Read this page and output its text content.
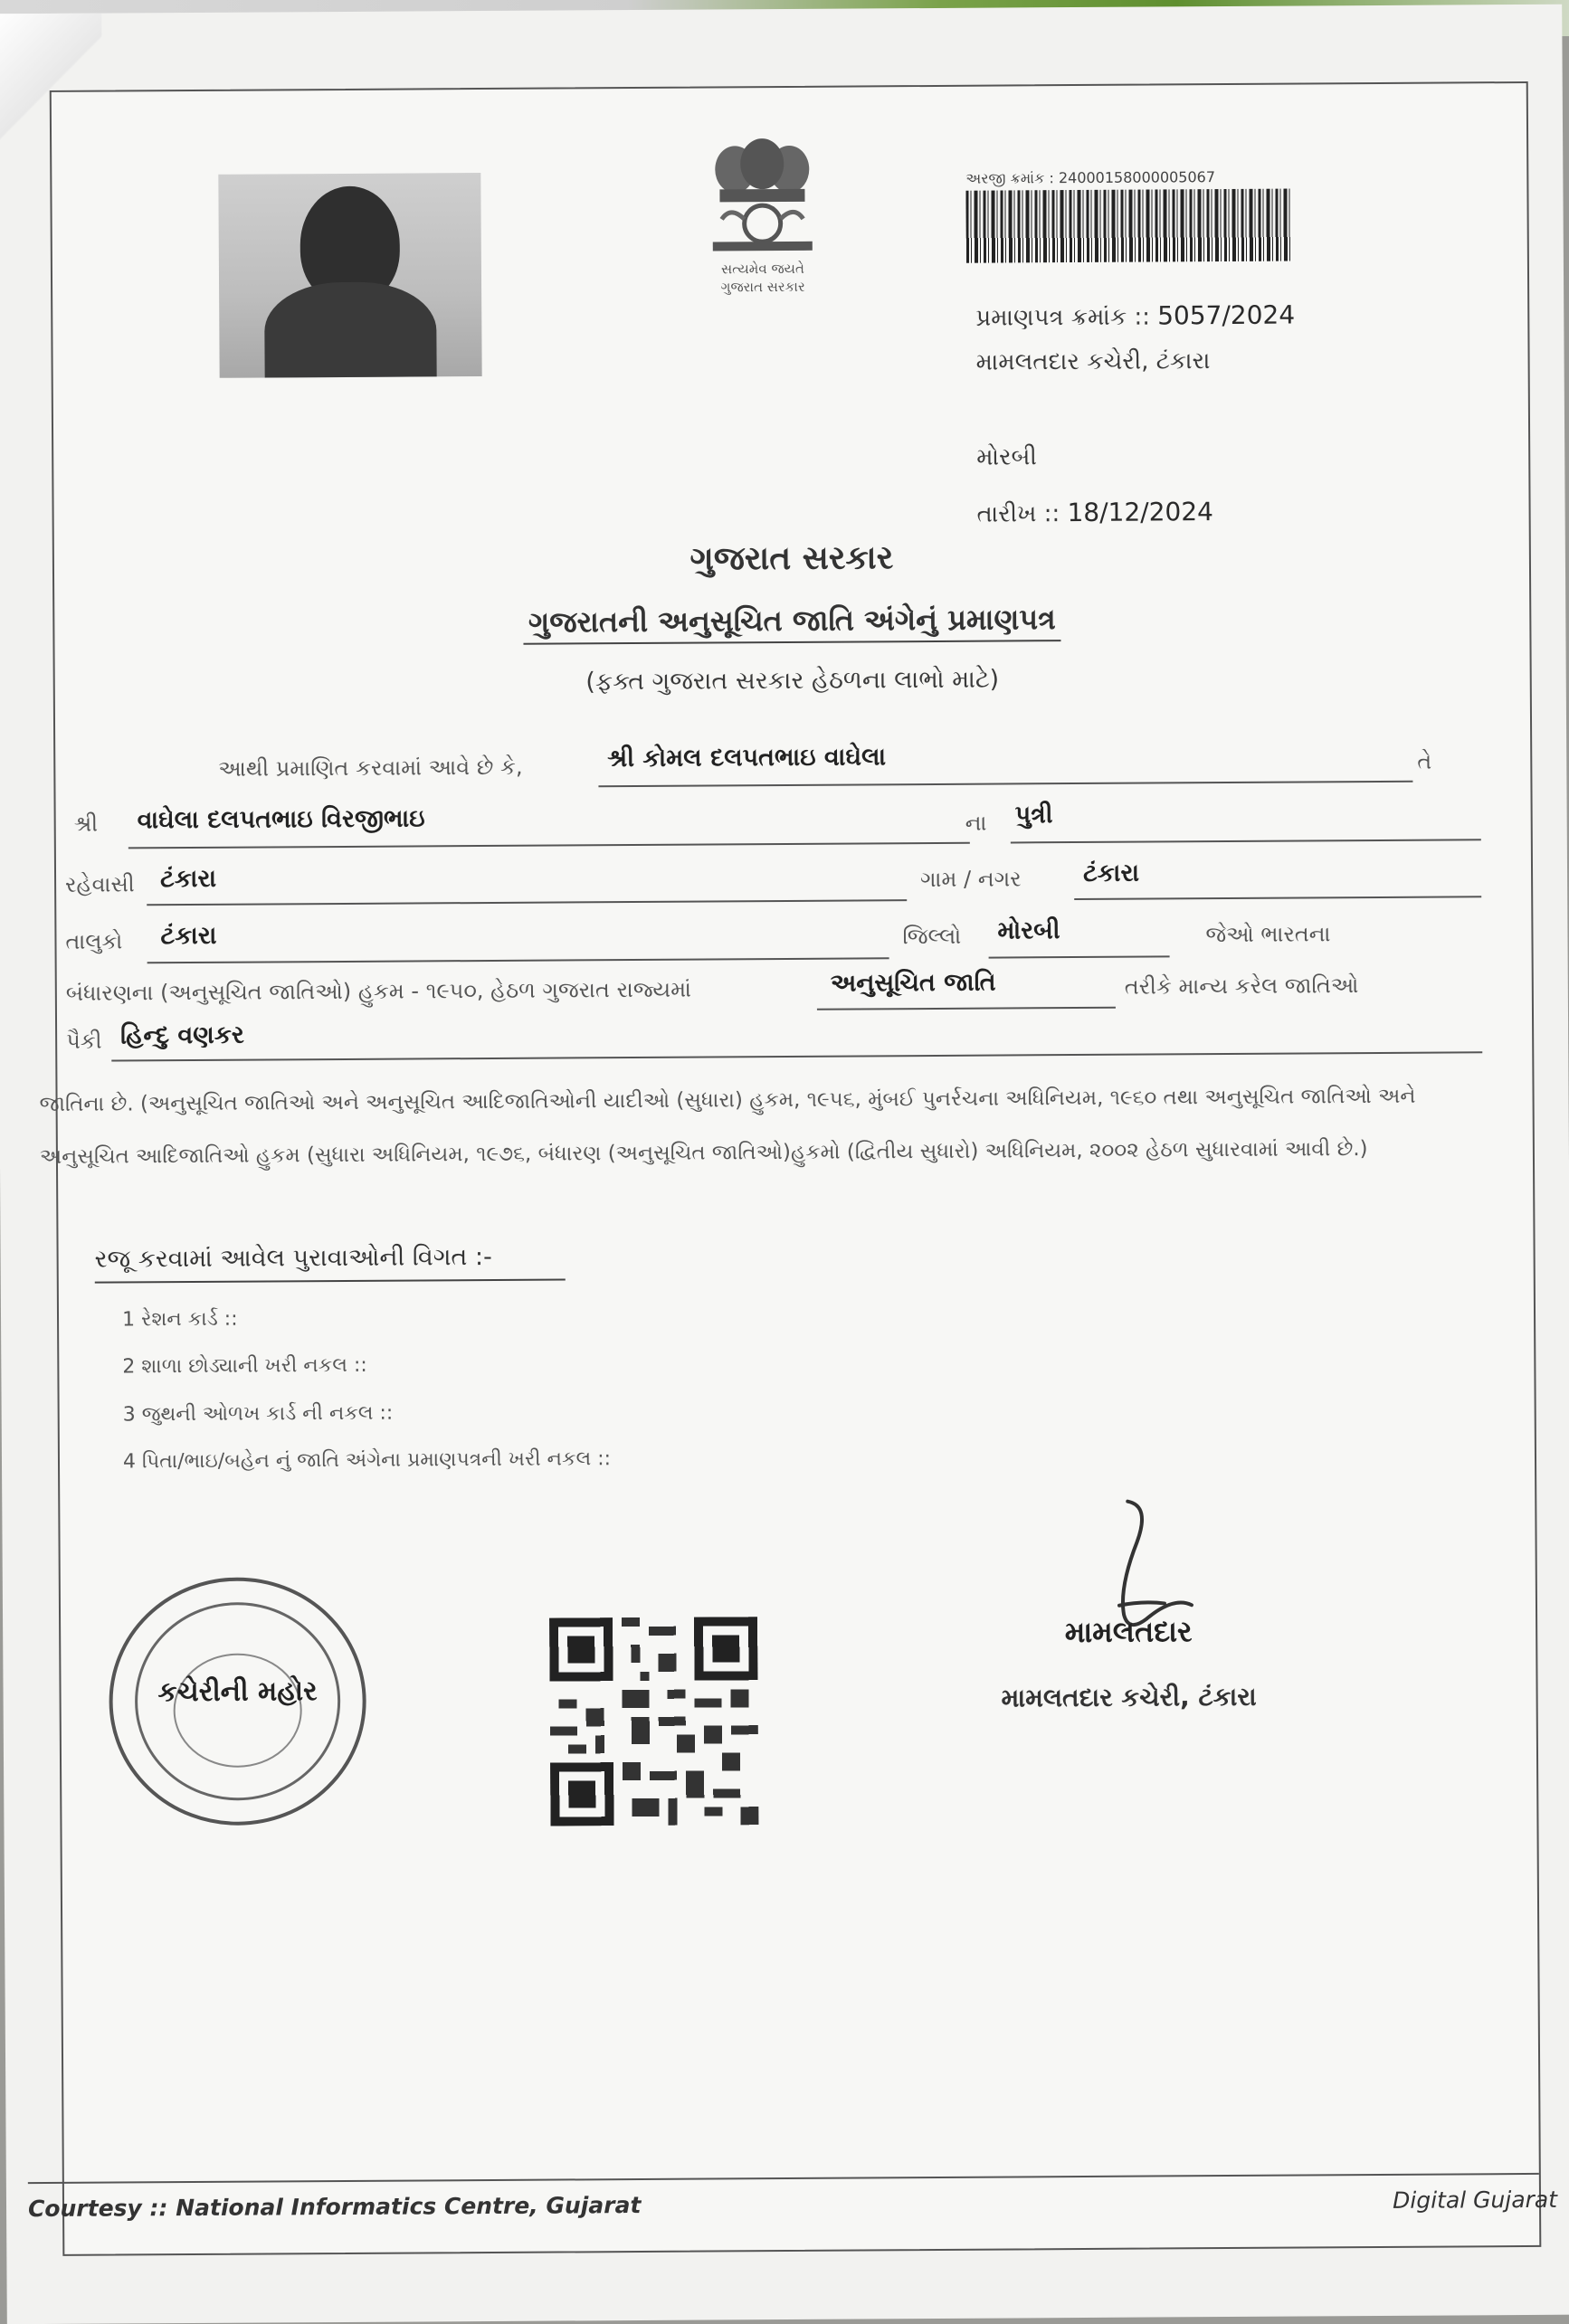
સત્યમેવ જયતે
ગુજરાત સરકાર
અરજી ક્રમાંક : 24000158000005067
પ્રમાણપત્ર ક્રમાંક :: 5057/2024
મામલતદાર કચેરી, ટંકારા
મોરબી
તારીખ :: 18/12/2024
ગુજરાત સરકાર
ગુજરાતની અનુસૂચિત જાતિ અંગેનું પ્રમાણપત્ર
(ફક્ત ગુજરાત સરકાર હેઠળના લાભો માટે)
આથી પ્રમાણિત કરવામાં આવે છે કે,	શ્રી કોમલ દલપતભાઇ વાઘેલા	તે
શ્રી વાઘેલા દલપતભાઇ વિરજીભાઇ	ના પુત્રી
રહેવાસી ટંકારા	ગામ / નગર	ટંકારા
તાલુકો ટંકારા	જિલ્લો મોરબી	જેઓ ભારતના
બંધારણના (અનુસૂચિત જાતિઓ) હુકમ - ૧૯૫૦, હેઠળ ગુજરાત રાજ્યમાં	અનુસૂચિત જાતિ	તરીકે માન્ય કરેલ જાતિઓ
પૈકી હિન્દુ વણકર
જાતિના છે. (અનુસૂચિત જાતિઓ અને અનુસૂચિત આદિજાતિઓની યાદીઓ (સુધારા) હુકમ, ૧૯૫૬, મુંબઈ પુનર્રચના અધિનિયમ, ૧૯૬૦ તથા અનુસૂચિત જાતિઓ અને અનુસૂચિત આદિજાતિઓ હુકમ (સુધારા અધિનિયમ, ૧૯૭૬, બંધારણ (અનુસૂચિત જાતિઓ)હુકમો (દ્વિતીય સુધારો) અધિનિયમ, ૨૦૦૨ હેઠળ સુધારવામાં આવી છે.)
રજૂ કરવામાં આવેલ પુરાવાઓની વિગત :-
1 રેશન કાર્ડ ::
2 શાળા છોડ્યાની ખરી નકલ ::
3 જુથની ઓળખ કાર્ડ ની નકલ ::
4 પિતા/ભાઇ/બહેન નું જાતિ અંગેના પ્રમાણપત્રની ખરી નકલ ::
કચેરીની મહોર
મામલતદાર
મામલતદાર કચેરી, ટંકારા
Courtesy :: National Informatics Centre, Gujarat	Digital Gujarat
